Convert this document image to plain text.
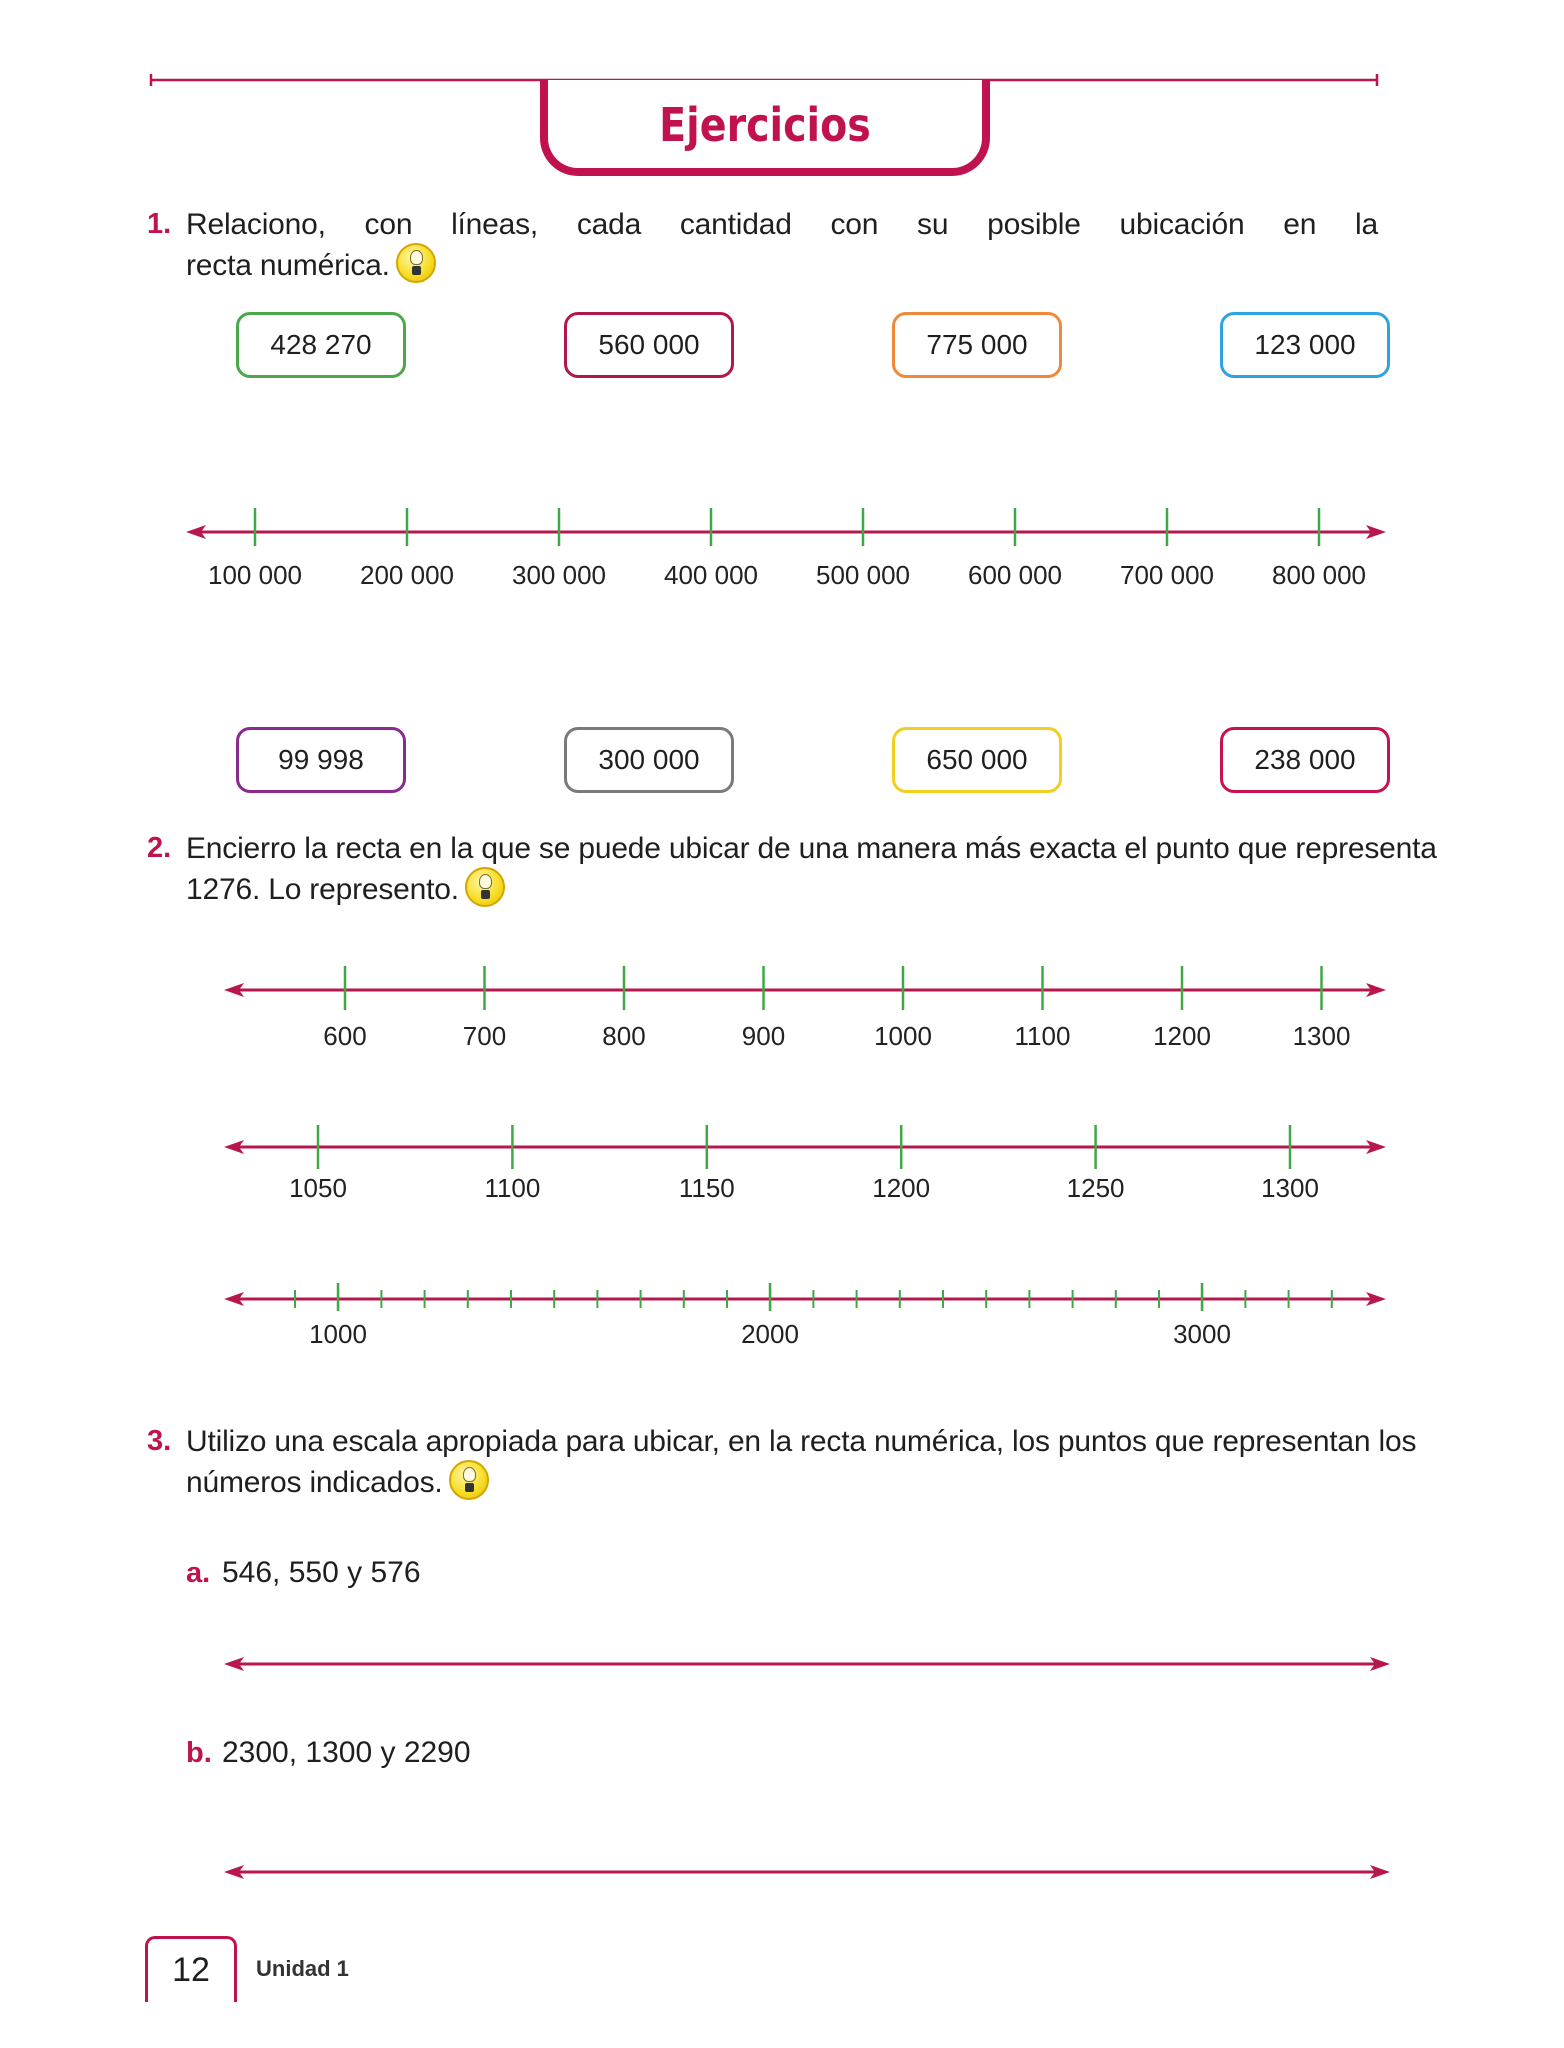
100 000 200 000 300 000 400 000 500 000 600 000 700 000 800 000
600	700	800	900	1000	1100	1200	1300
1050	1100	1150	1200	1250	1300
1000	2000	3000
Ejercicios
1. Relaciono, con líneas, cada cantidad con su posible ubicación en la
recta numérica.
428 270	560 000	775 000	123 000
99 998	300 000	650 000	238 000
2. Encierro la recta en la que se puede ubicar de una manera más exacta el punto que representa
1276. Lo represento.
3. Utilizo una escala apropiada para ubicar, en la recta numérica, los puntos que representan los
números indicados.
a. 546, 550 y 576
b. 2300, 1300 y 2290
12	Unidad 1
